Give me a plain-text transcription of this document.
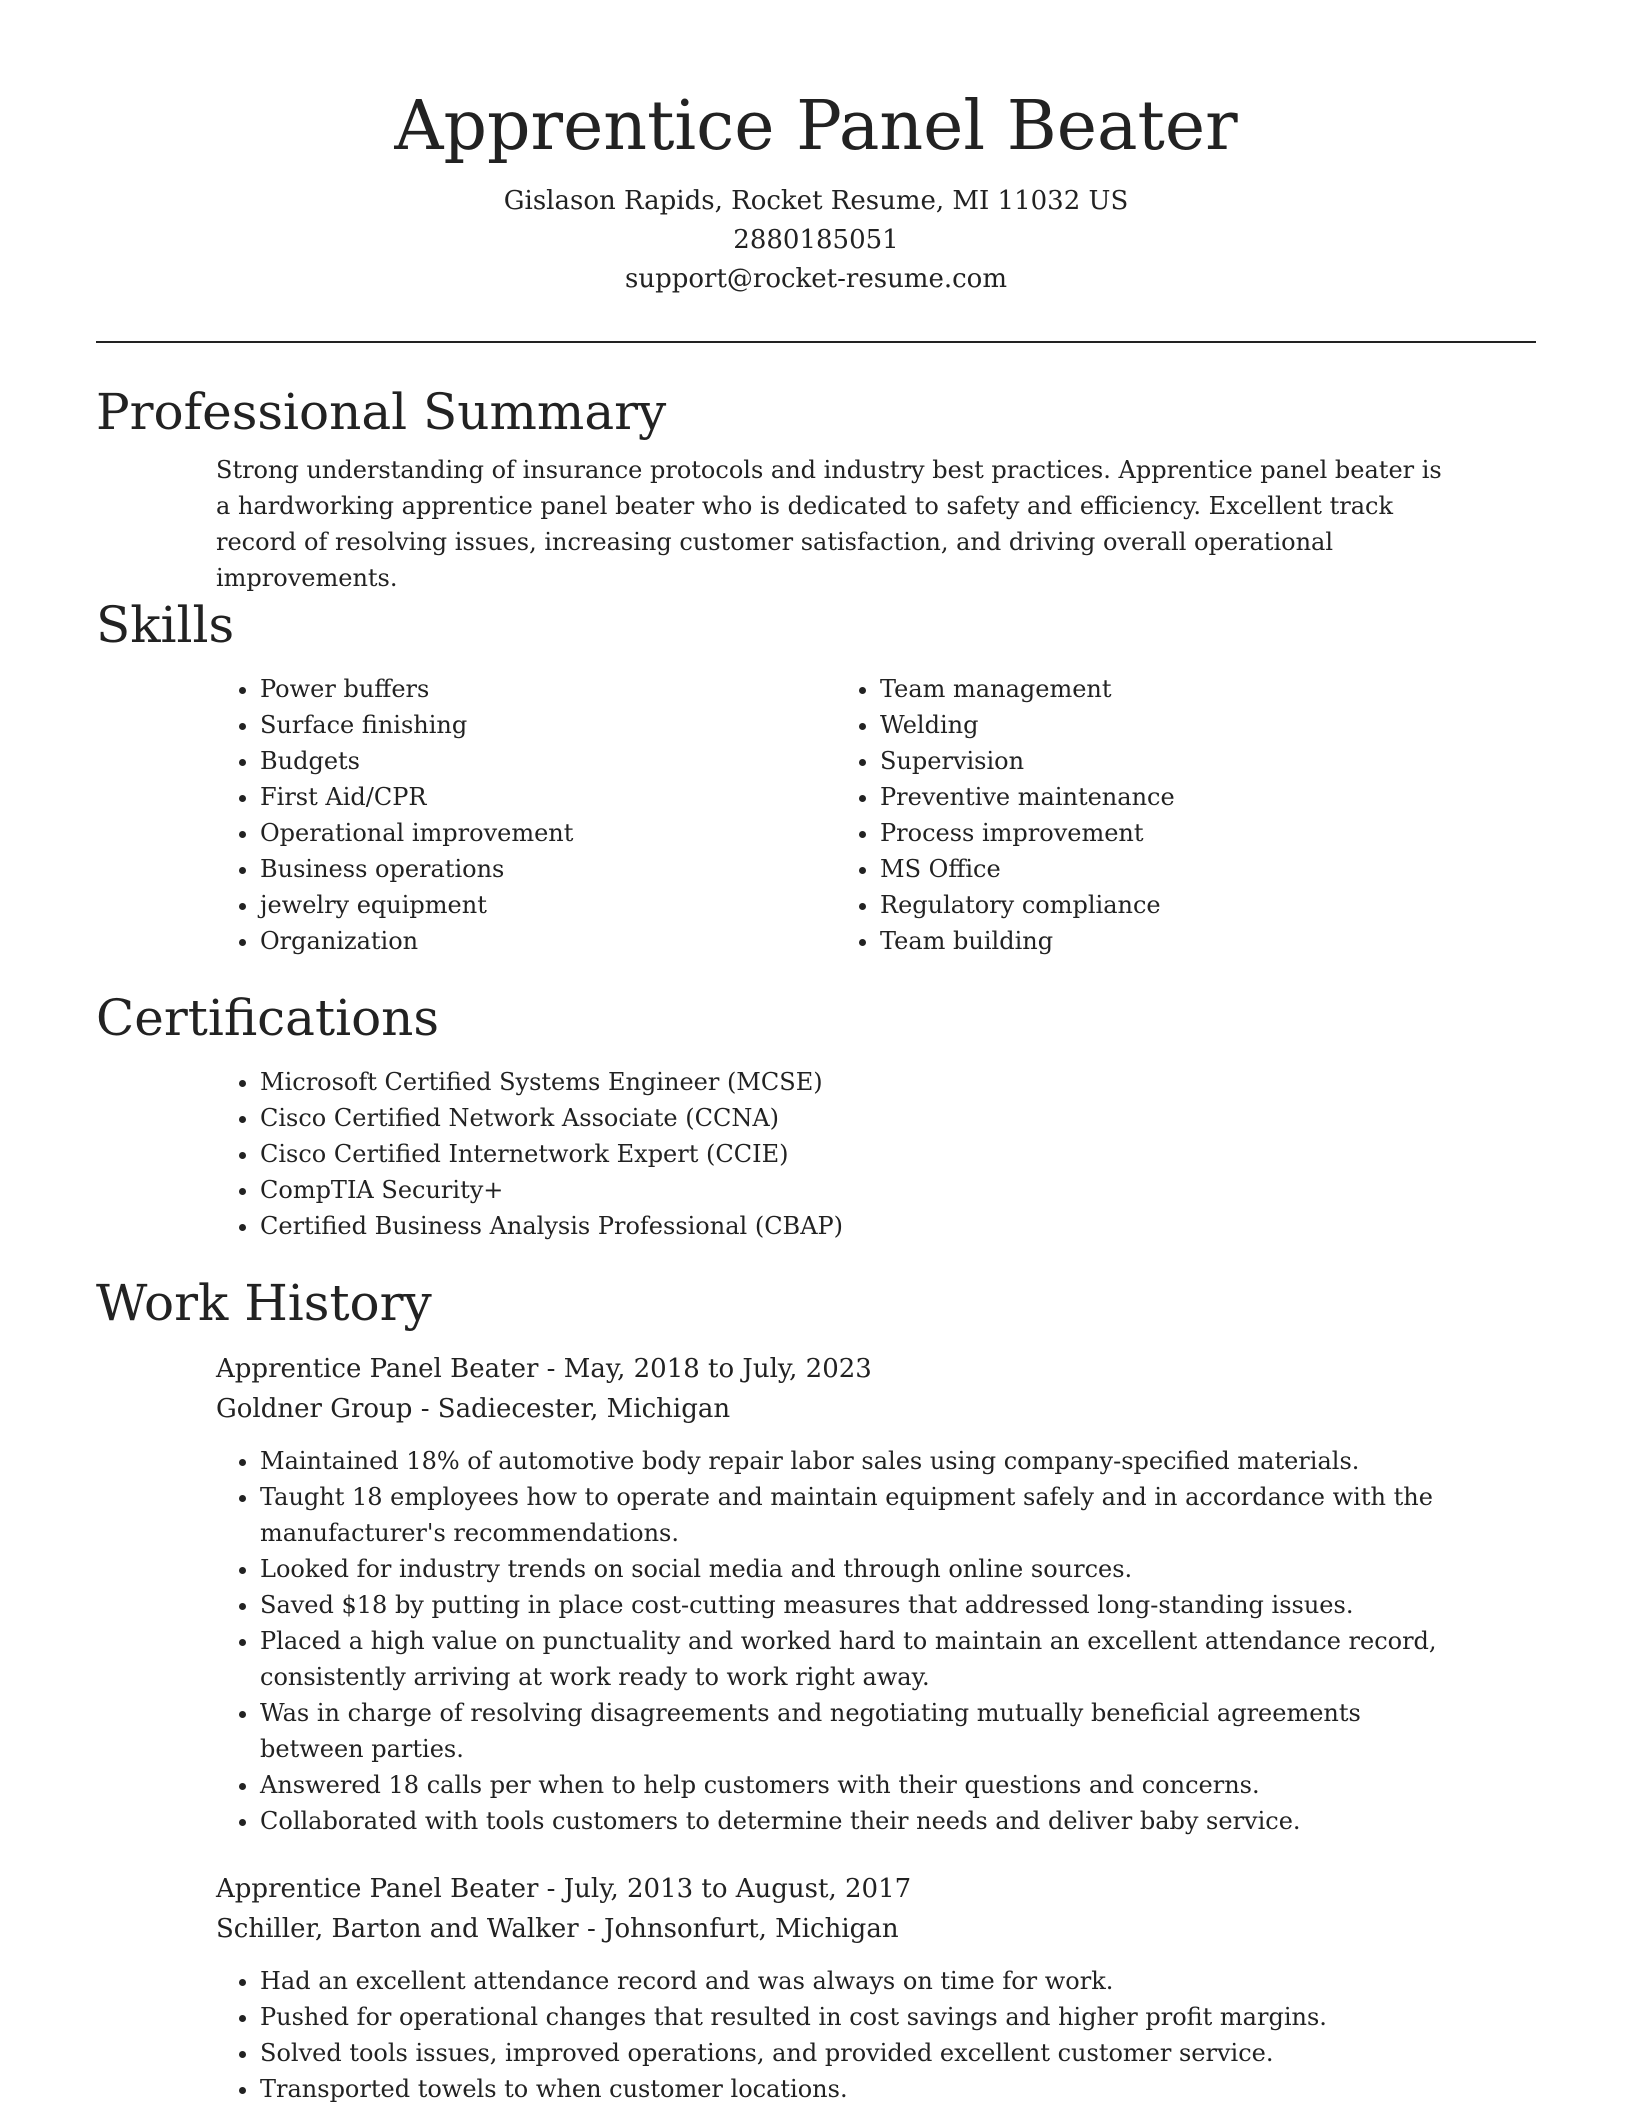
Apprentice Panel Beater
Gislason Rapids, Rocket Resume, MI 11032 US
2880185051
support@rocket-resume.com
Professional Summary

Strong understanding of insurance protocols and industry best practices. Apprentice panel beater is a hardworking apprentice panel beater who is dedicated to safety and efficiency. Excellent track record of resolving issues, increasing customer satisfaction, and driving overall operational improvements.

Skills
• Power buffers
• Surface finishing
• Budgets
• First Aid/CPR
• Operational improvement
• Business operations
• jewelry equipment
• Organization
• Team management
• Welding
• Supervision
• Preventive maintenance
• Process improvement
• MS Office
• Regulatory compliance
• Team building
Certifications
• Microsoft Certified Systems Engineer (MCSE)
• Cisco Certified Network Associate (CCNA)
• Cisco Certified Internetwork Expert (CCIE)
• CompTIA Security+
• Certified Business Analysis Professional (CBAP)
Work History
Apprentice Panel Beater - May, 2018 to July, 2023
Goldner Group - Sadiecester, Michigan
• Maintained 18% of automotive body repair labor sales using company-specified materials.
• Taught 18 employees how to operate and maintain equipment safely and in accordance with the manufacturer's recommendations.
• Looked for industry trends on social media and through online sources.
• Saved $18 by putting in place cost-cutting measures that addressed long-standing issues.
• Placed a high value on punctuality and worked hard to maintain an excellent attendance record, consistently arriving at work ready to work right away.
• Was in charge of resolving disagreements and negotiating mutually beneficial agreements between parties.
• Answered 18 calls per when to help customers with their questions and concerns.
• Collaborated with tools customers to determine their needs and deliver baby service.
Apprentice Panel Beater - July, 2013 to August, 2017
Schiller, Barton and Walker - Johnsonfurt, Michigan
• Had an excellent attendance record and was always on time for work.
• Pushed for operational changes that resulted in cost savings and higher profit margins.
• Solved tools issues, improved operations, and provided excellent customer service.
• Transported towels to when customer locations.
